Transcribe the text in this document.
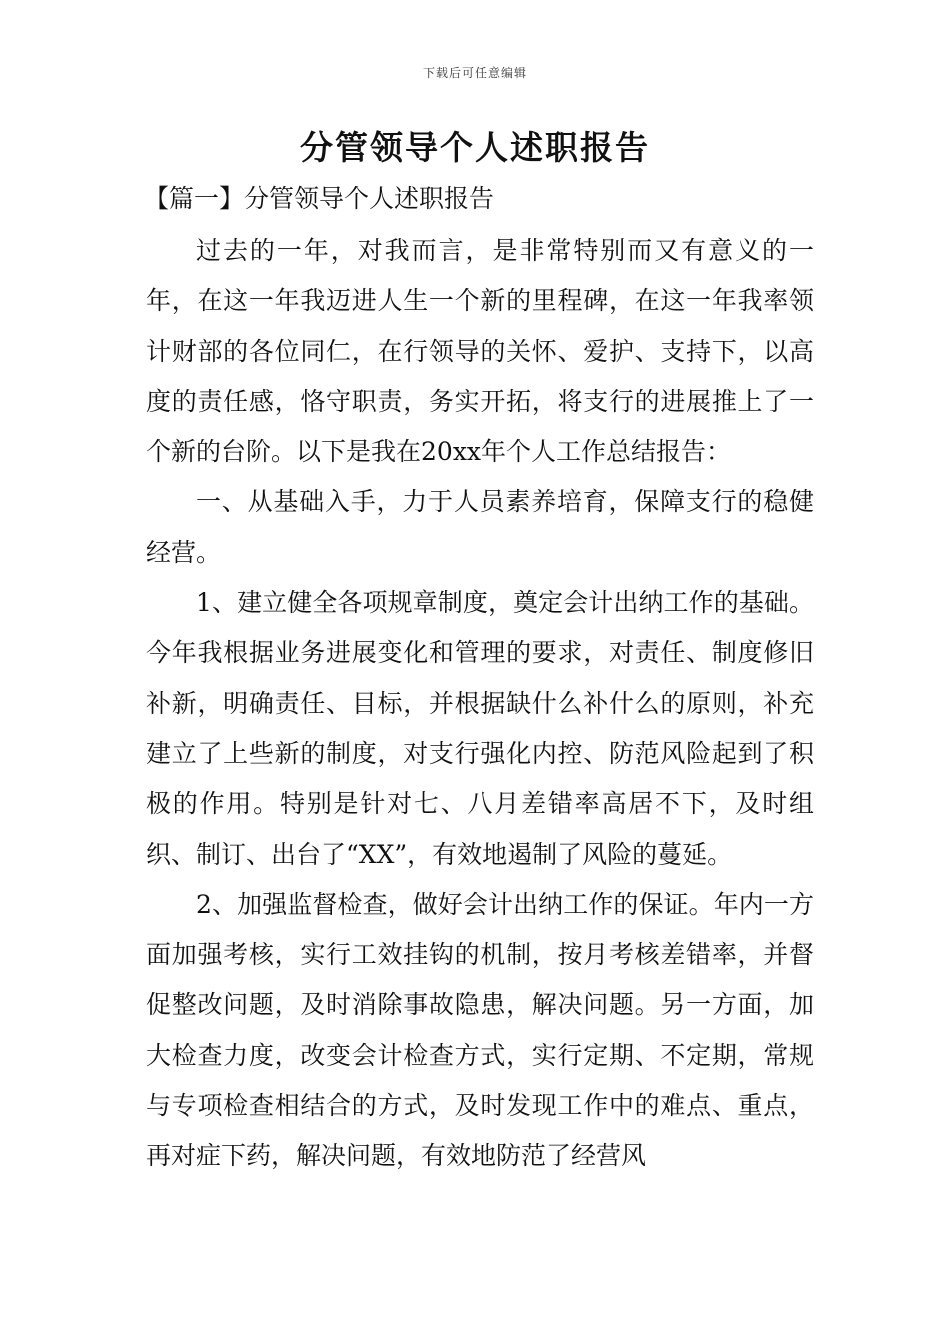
下载后可任意编辑
分管领导个人述职报告
【篇一】分管领导个人述职报告

过去的一年，对我而言，是非常特别而又有意义的一年，在这一年我迈进人生一个新的里程碑，在这一年我率领计财部的各位同仁，在行领导的关怀、爱护、支持下，以高度的责任感，恪守职责，务实开拓，将支行的进展推上了一个新的台阶。以下是我在20xx年个人工作总结报告：

一、从基础入手，力于人员素养培育，保障支行的稳健经营。

1、建立健全各项规章制度，奠定会计出纳工作的基础。今年我根据业务进展变化和管理的要求，对责任、制度修旧补新，明确责任、目标，并根据缺什么补什么的原则，补充建立了上些新的制度，对支行强化内控、防范风险起到了积极的作用。特别是针对七、八月差错率高居不下，及时组织、制订、出台了“XX”，有效地遏制了风险的蔓延。

2、加强监督检查，做好会计出纳工作的保证。年内一方面加强考核，实行工效挂钩的机制，按月考核差错率，并督促整改问题，及时消除事故隐患，解决问题。另一方面，加大检查力度，改变会计检查方式，实行定期、不定期，常规与专项检查相结合的方式，及时发现工作中的难点、重点，再对症下药，解决问题，有效地防范了经营风
